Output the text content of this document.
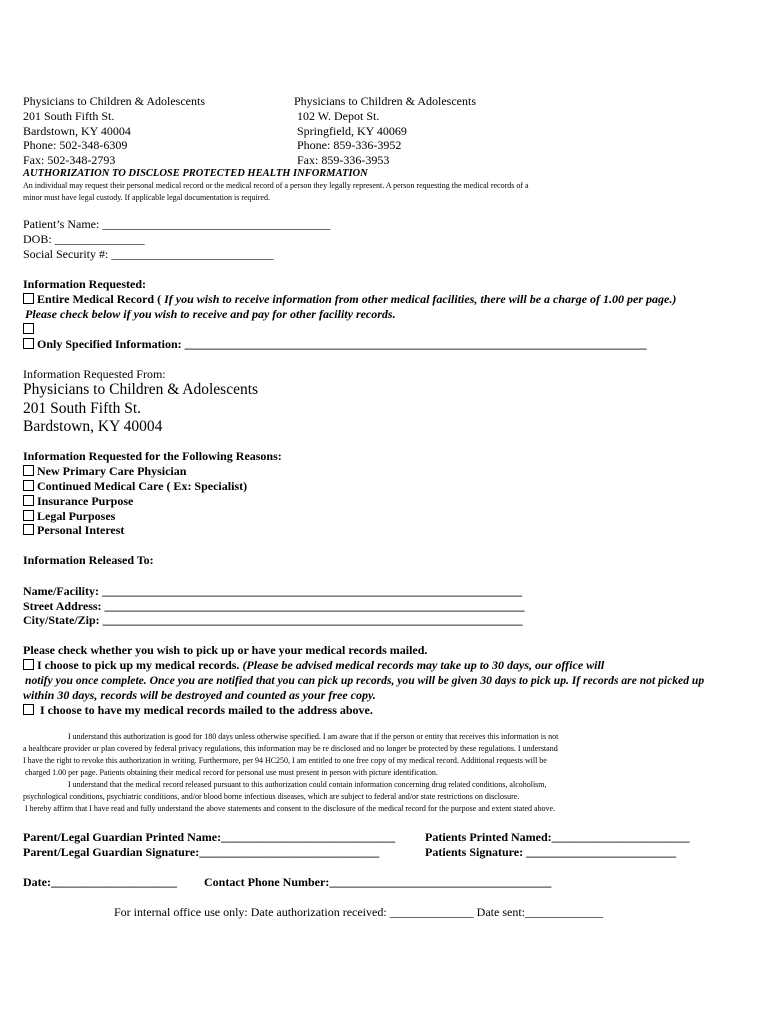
Physicians to Children & Adolescents
201 South Fifth St.
Bardstown, KY 40004
Phone: 502-348-6309
Fax: 502-348-2793
Physicians to Children & Adolescents
102 W. Depot St.
Springfield, KY 40069
Phone: 859-336-3952
Fax: 859-336-3953
AUTHORIZATION TO DISCLOSE PROTECTED HEALTH INFORMATION
An individual may request their personal medical record or the medical record of a person they legally represent. A person requesting the medical records of a
minor must have legal custody. If applicable legal documentation is required.
Patient’s Name: ______________________________________
DOB: _______________
Social Security #: ___________________________
Information Requested:
Entire Medical Record ( If you wish to receive information from other medical facilities, there will be a charge of 1.00 per page.)
Please check below if you wish to receive and pay for other facility records.
Only Specified Information: _____________________________________________________________________________
Information Requested From:
Physicians to Children & Adolescents
201 South Fifth St.
Bardstown, KY 40004
Information Requested for the Following Reasons:
New Primary Care Physician
Continued Medical Care ( Ex: Specialist)
Insurance Purpose
Legal Purposes
Personal Interest
Information Released To:
Name/Facility: ______________________________________________________________________
Street Address: ______________________________________________________________________
City/State/Zip: ______________________________________________________________________
Please check whether you wish to pick up or have your medical records mailed.
I choose to pick up my medical records. (Please be advised medical records may take up to 30 days, our office will
notify you once complete. Once you are notified that you can pick up records, you will be given 30 days to pick up. If records are not picked up
within 30 days, records will be destroyed and counted as your free copy.
I choose to have my medical records mailed to the address above.
I understand this authorization is good for 180 days unless otherwise specified. I am aware that if the person or entity that receives this information is not
a healthcare provider or plan covered by federal privacy regulations, this information may be re disclosed and no longer be protected by these regulations. I understand
I have the right to revoke this authorization in writing. Furthermore, per 94 HC250, I am entitled to one free copy of my medical record. Additional requests will be
charged 1.00 per page. Patients obtaining their medical record for personal use must present in person with picture identification.
I understand that the medical record released pursuant to this authorization could contain information concerning drug related conditions, alcoholism,
psychological conditions, psychiatric conditions, and/or blood borne infectious diseases, which are subject to federal and/or state restrictions on disclosure.
I hereby affirm that I have read and fully understand the above statements and consent to the disclosure of the medical record for the purpose and extent stated above.
Parent/Legal Guardian Printed Name:_____________________________
Parent/Legal Guardian Signature:______________________________
Patients Printed Named:_______________________
Patients Signature: _________________________
Date:_____________________ Contact Phone Number:_____________________________________
For internal office use only: Date authorization received: ______________ Date sent:_____________
